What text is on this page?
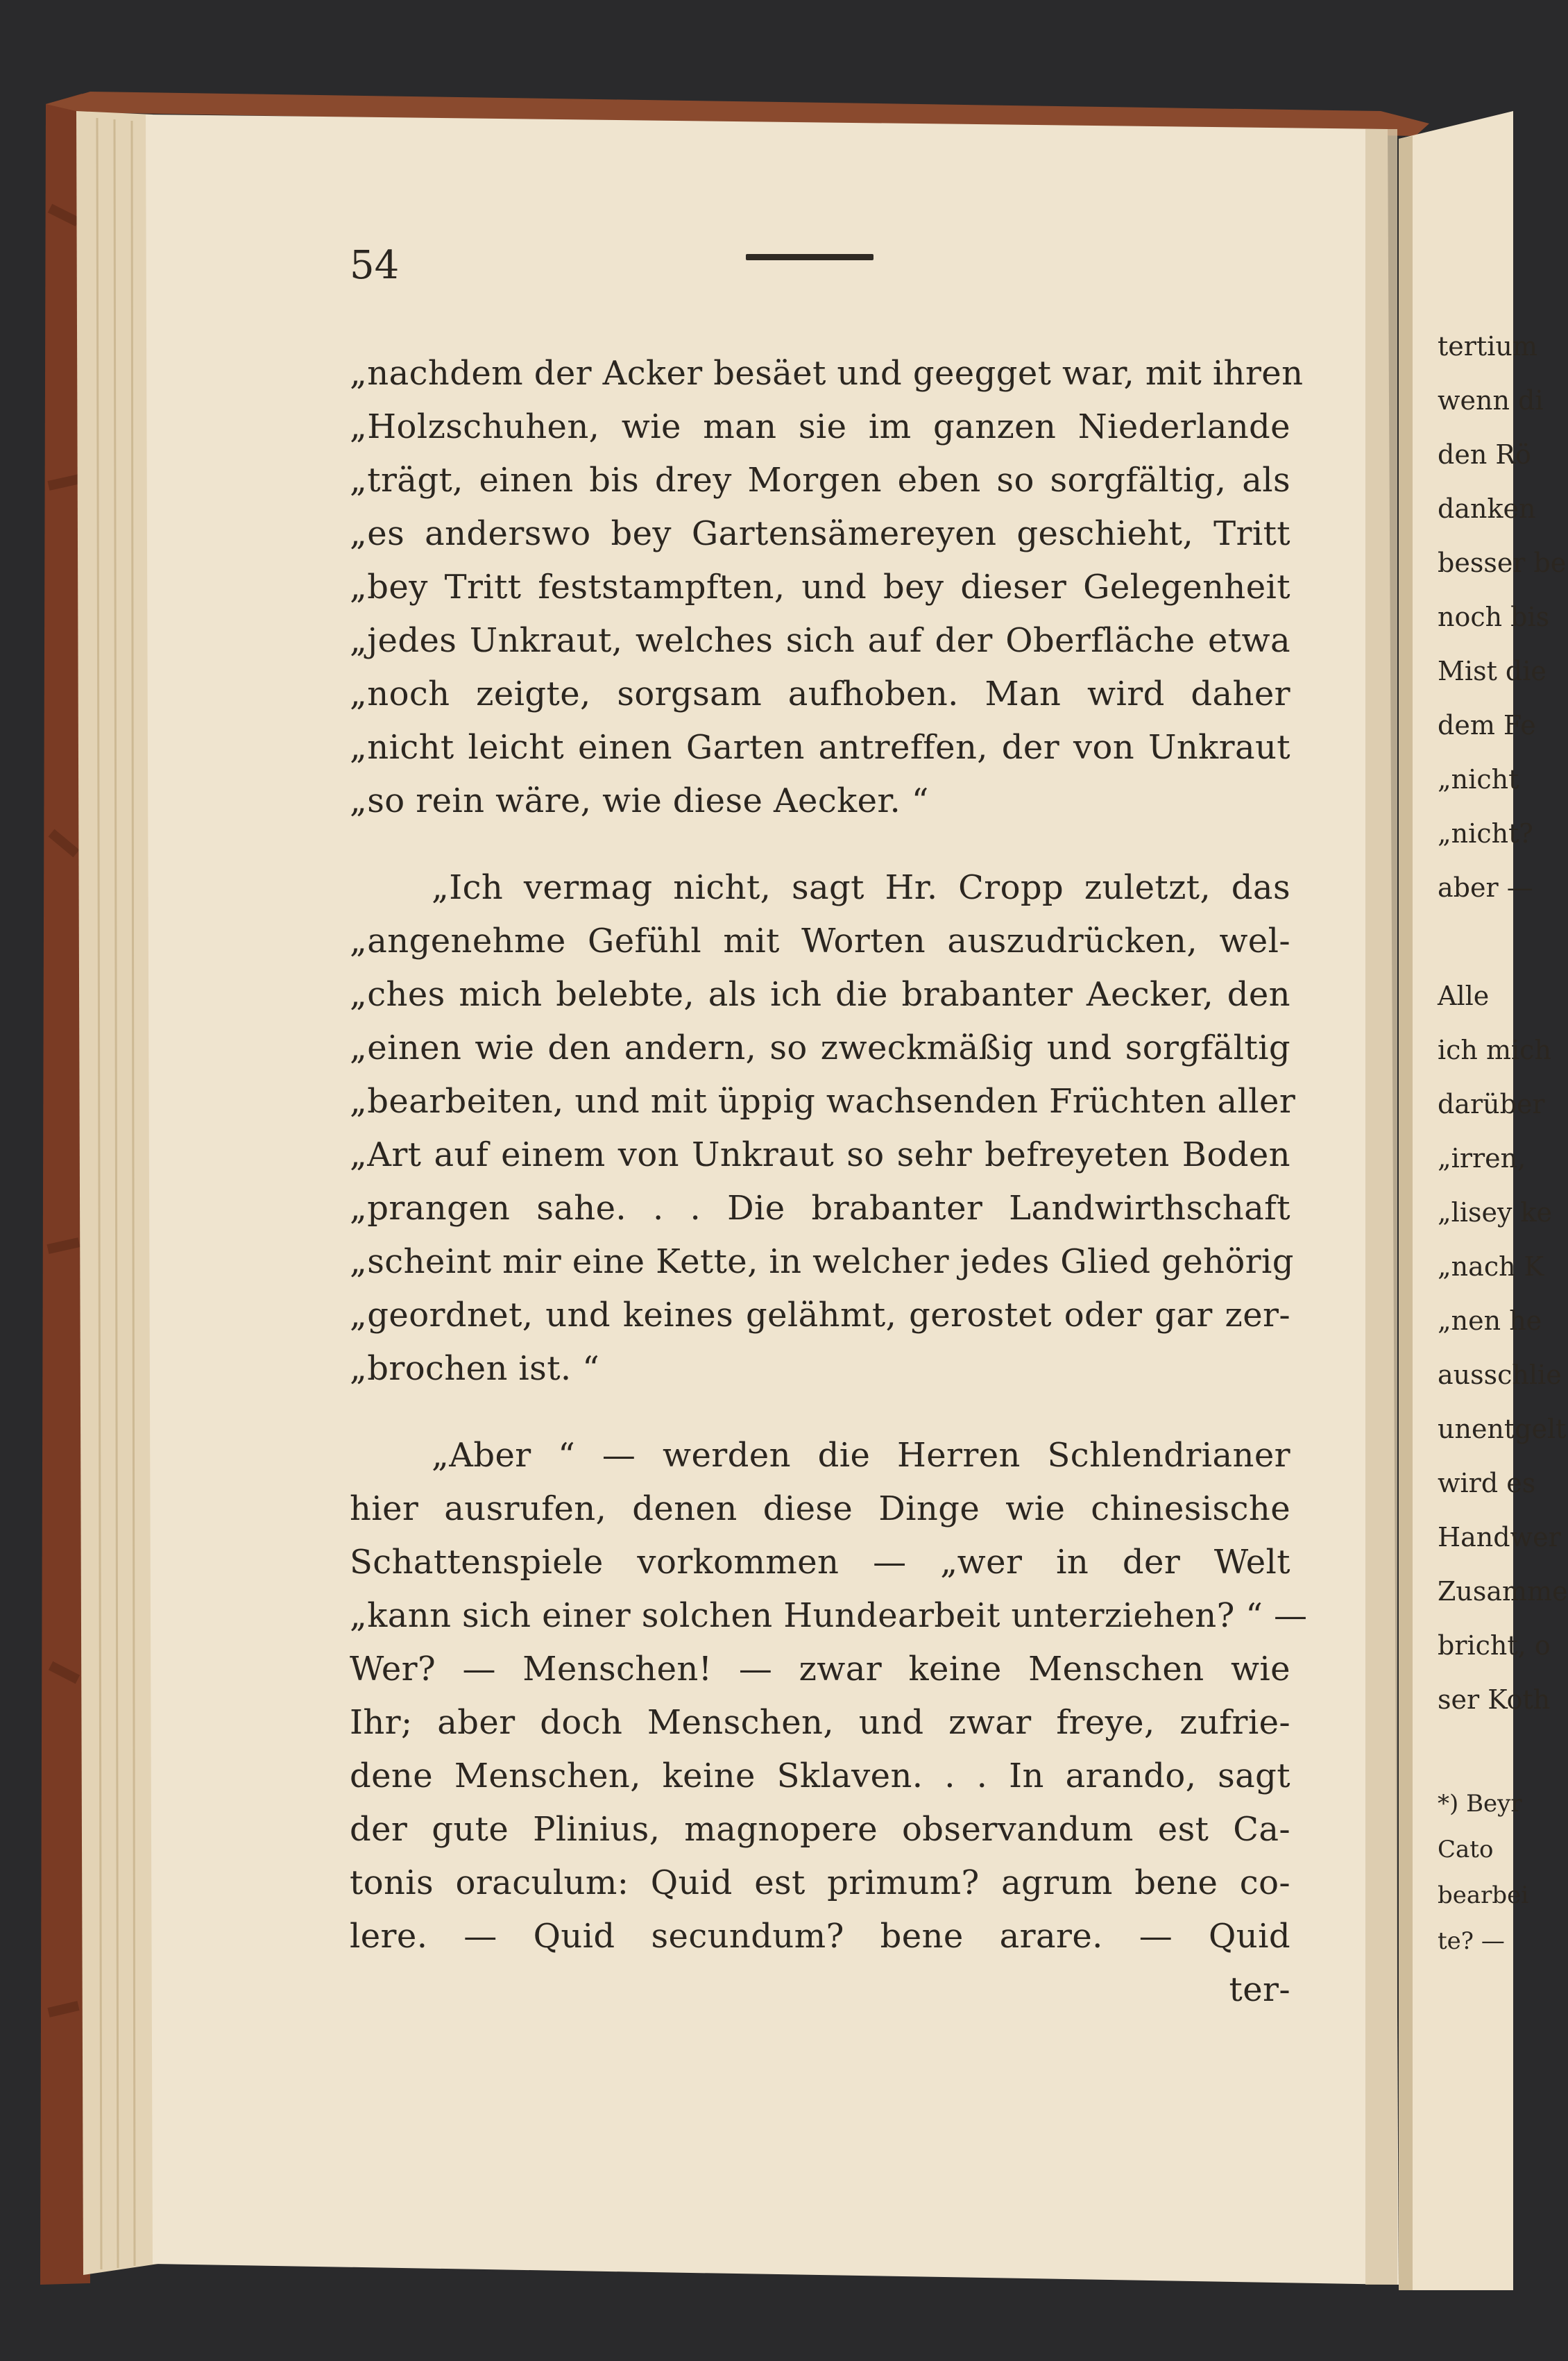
54
„nachdem der Acker besäet und geegget war, mit ihren
„Holzschuhen, wie man sie im ganzen Niederlande
„trägt, einen bis drey Morgen eben so sorgfältig, als
„es anderswo bey Gartensämereyen geschieht, Tritt
„bey Tritt feststampften, und bey dieser Gelegenheit
„jedes Unkraut, welches sich auf der Oberfläche etwa
„noch zeigte, sorgsam aufhoben. Man wird daher
„nicht leicht einen Garten antreffen, der von Unkraut
„so rein wäre, wie diese Aecker. “
„Ich vermag nicht, sagt Hr. Cropp zuletzt, das
„angenehme Gefühl mit Worten auszudrücken, wel-
„ches mich belebte, als ich die brabanter Aecker, den
„einen wie den andern, so zweckmäßig und sorgfältig
„bearbeiten, und mit üppig wachsenden Früchten aller
„Art auf einem von Unkraut so sehr befreyeten Boden
„prangen sahe. . . Die brabanter Landwirthschaft
„scheint mir eine Kette, in welcher jedes Glied gehörig
„geordnet, und keines gelähmt, gerostet oder gar zer-
„brochen ist. “
„Aber “ — werden die Herren Schlendrianer
hier ausrufen, denen diese Dinge wie chinesische
Schattenspiele vorkommen — „wer in der Welt
„kann sich einer solchen Hundearbeit unterziehen? “ —
Wer? — Menschen! — zwar keine Menschen wie
Ihr; aber doch Menschen, und zwar freye, zufrie-
dene Menschen, keine Sklaven. . . In arando, sagt
der gute Plinius, magnopere observandum est Ca-
tonis oraculum: Quid est primum? agrum bene co-
lere. — Quid secundum? bene arare. — Quid
ter-
tertium
wenn di
den Rö
danken
besser be
noch bis
Mist die
dem Fe
„nicht
„nicht?
aber —
Alle
ich mich
darüber
„irren,
„lisey ke
„nach K
„nen he
ausschlie
unentgelt
wird es
Handwer
Zusamme
bricht, o
ser Koth
*) Beyr
Cato
bearbei
te? —
